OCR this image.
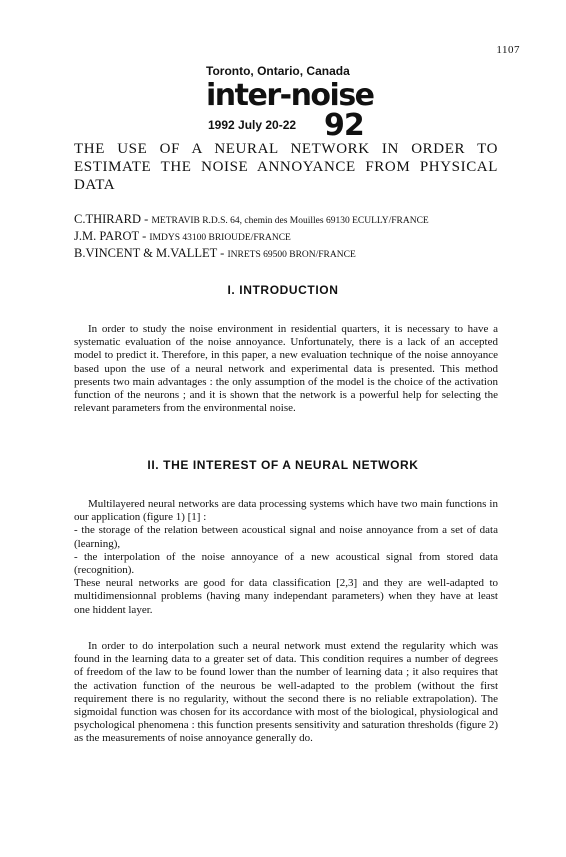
1107
Toronto, Ontario, Canada
inter-noise
1992 July 20-22 92
THE USE OF A NEURAL NETWORK IN ORDER TO ESTIMATE THE NOISE ANNOYANCE FROM PHYSICAL DATA
C.THIRARD - METRAVIB R.D.S. 64, chemin des Mouilles 69130 ECULLY/FRANCE
J.M. PAROT - IMDYS 43100 BRIOUDE/FRANCE
B.VINCENT & M.VALLET - INRETS 69500 BRON/FRANCE
I. INTRODUCTION

In order to study the noise environment in residential quarters, it is necessary to have a systematic evaluation of the noise annoyance. Unfortunately, there is a lack of an accepted model to predict it. Therefore, in this paper, a new evaluation technique of the noise annoyance based upon the use of a neural network and experimental data is presented. This method presents two main advantages : the only assumption of the model is the choice of the activation function of the neurons ; and it is shown that the network is a powerful help for selecting the relevant parameters from the environmental noise.

II. THE INTEREST OF A NEURAL NETWORK
Multilayered neural networks are data processing systems which have two main functions in our application (figure 1) [1] :
- the storage of the relation between acoustical signal and noise annoyance from a set of data (learning),
- the interpolation of the noise annoyance of a new acoustical signal from stored data (recognition).
These neural networks are good for data classification [2,3] and they are well-adapted to multidimensionnal problems (having many independant parameters) when they have at least one hiddent layer.

In order to do interpolation such a neural network must extend the regularity which was found in the learning data to a greater set of data. This condition requires a number of degrees of freedom of the law to be found lower than the number of learning data ; it also requires that the activation function of the neurous be well-adapted to the problem (without the first requirement there is no regularity, without the second there is no reliable extrapolation). The sigmoidal function was chosen for its accordance with most of the biological, physiological and psychological phenomena : this function presents sensitivity and saturation thresholds (figure 2) as the measurements of noise annoyance generally do.
